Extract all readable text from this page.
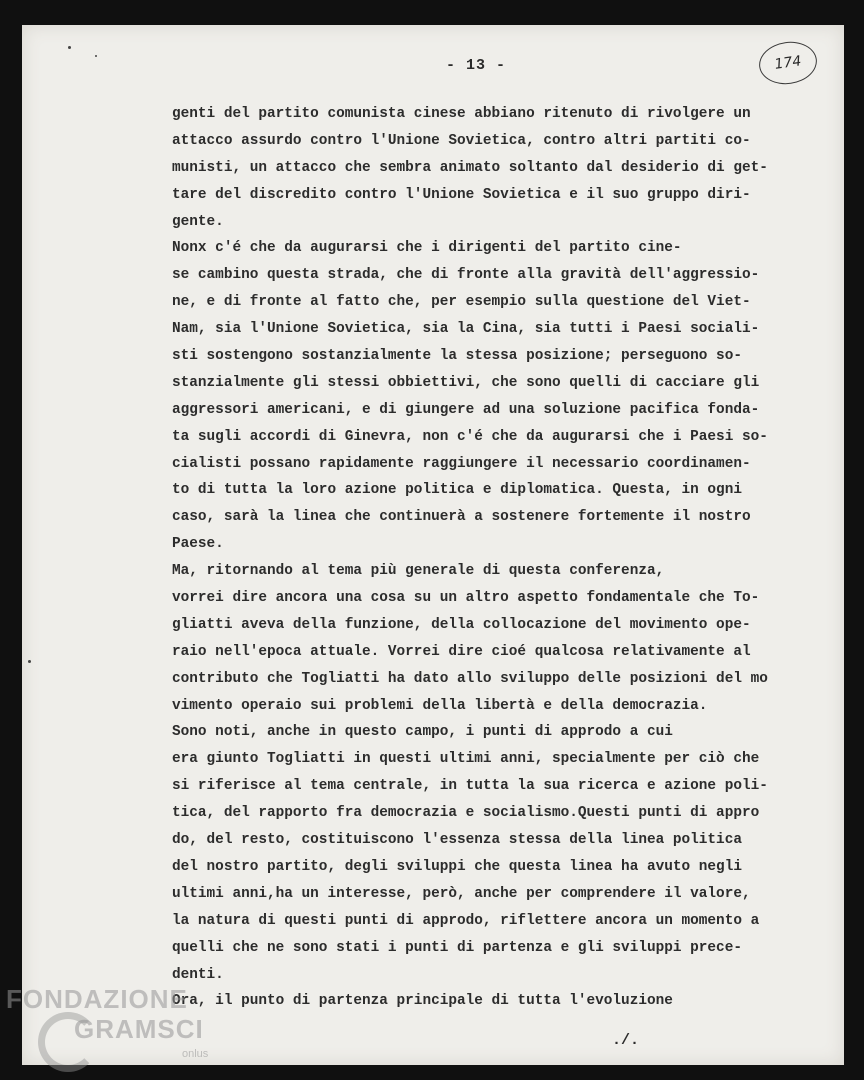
- 13 -	174
genti del partito comunista cinese abbiano ritenuto di rivolgere un
attacco assurdo contro l'Unione Sovietica, contro altri partiti co-
munisti, un attacco che sembra animato soltanto dal desiderio di get-
tare del discredito contro l'Unione Sovietica e il suo gruppo diri-
gente.
Nonx c'é che da augurarsi che i dirigenti del partito cine-
se cambino questa strada, che di fronte alla gravità dell'aggressio-
ne, e di fronte al fatto che, per esempio sulla questione del Viet-
Nam, sia l'Unione Sovietica, sia la Cina, sia tutti i Paesi sociali-
sti sostengono sostanzialmente la stessa posizione; perseguono so-
stanzialmente gli stessi obbiettivi, che sono quelli di cacciare gli
aggressori americani, e di giungere ad una soluzione pacifica fonda-
ta sugli accordi di Ginevra, non c'é che da augurarsi che i Paesi so-
cialisti possano rapidamente raggiungere il necessario coordinamen-
to di tutta la loro azione politica e diplomatica. Questa, in ogni
caso, sarà la linea che continuerà a sostenere fortemente il nostro
Paese.
Ma, ritornando al tema più generale di questa conferenza,
vorrei dire ancora una cosa su un altro aspetto fondamentale che To-
gliatti aveva della funzione, della collocazione del movimento ope-
raio nell'epoca attuale. Vorrei dire cioé qualcosa relativamente al
contributo che Togliatti ha dato allo sviluppo delle posizioni del mo
vimento operaio sui problemi della libertà e della democrazia.
Sono noti, anche in questo campo, i punti di approdo a cui
era giunto Togliatti in questi ultimi anni, specialmente per ciò che
si riferisce al tema centrale, in tutta la sua ricerca e azione poli-
tica, del rapporto fra democrazia e socialismo.Questi punti di appro
do, del resto, costituiscono l'essenza stessa della linea politica
del nostro partito, degli sviluppi che questa linea ha avuto negli
ultimi anni,ha un interesse, però, anche per comprendere il valore,
la natura di questi punti di approdo, riflettere ancora un momento a
quelli che ne sono stati i punti di partenza e gli sviluppi prece-
denti.
Ora, il punto di partenza principale di tutta l'evoluzione
./.
FONDAZIONE
GRAMSCI
onlus
